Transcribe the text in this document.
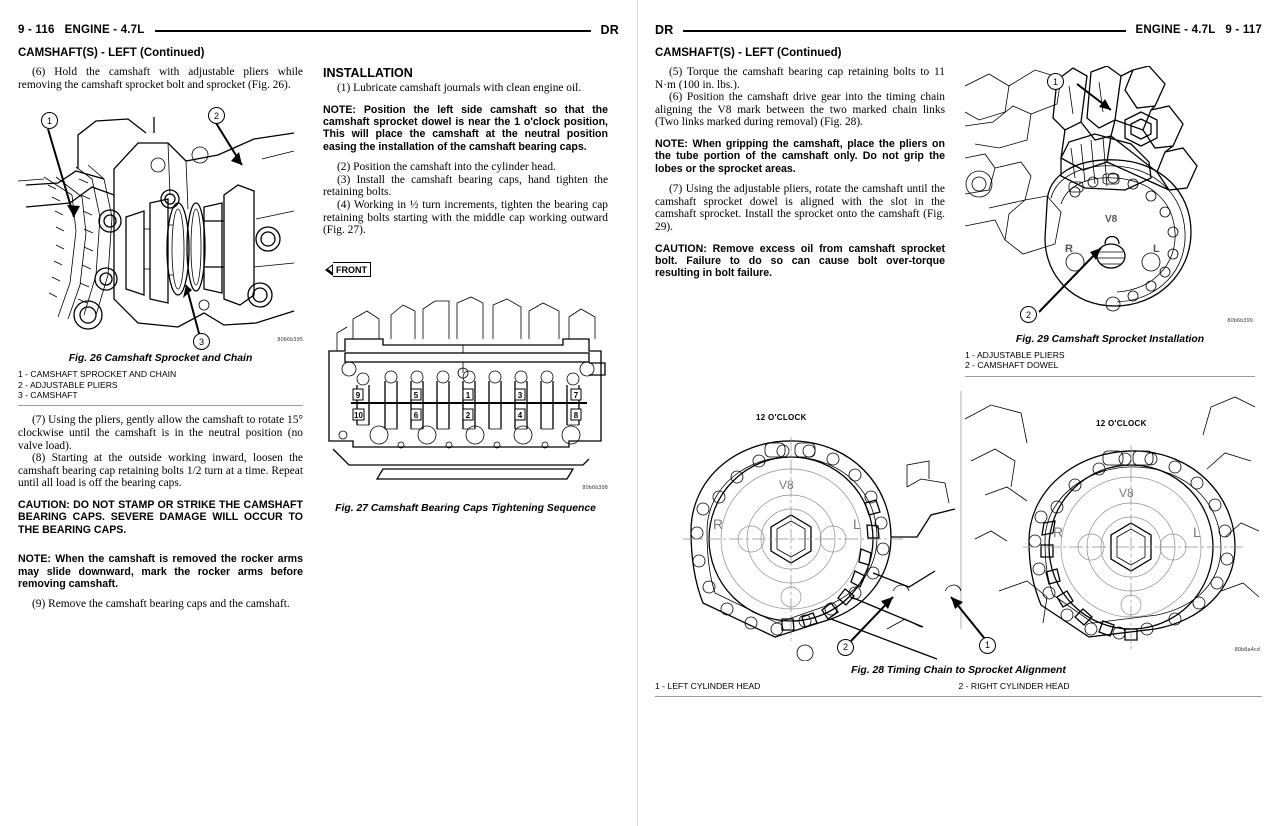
9 - 116 ENGINE - 4.7L	DR
CAMSHAFT(S) - LEFT (Continued)

(6) Hold the camshaft with adjustable pliers while removing the camshaft sprocket bolt and sprocket (Fig. 26).

1	2
3	80b6b395
Fig. 26 Camshaft Sprocket and Chain
1 - CAMSHAFT SPROCKET AND CHAIN
2 - ADJUSTABLE PLIERS
3 - CAMSHAFT

(7) Using the pliers, gently allow the camshaft to rotate 15° clockwise until the camshaft is in the neutral position (no valve load).

(8) Starting at the outside working inward, loosen the camshaft bearing cap retaining bolts 1/2 turn at a time. Repeat until all load is off the bearing caps.

CAUTION: DO NOT STAMP OR STRIKE THE CAMSHAFT BEARING CAPS. SEVERE DAMAGE WILL OCCUR TO THE BEARING CAPS.

NOTE: When the camshaft is removed the rocker arms may slide downward, mark the rocker arms before removing camshaft.

(9) Remove the camshaft bearing caps and the camshaft.

INSTALLATION

(1) Lubricate camshaft journals with clean engine oil.

NOTE: Position the left side camshaft so that the camshaft sprocket dowel is near the 1 o'clock position, This will place the camshaft at the neutral position easing the installation of the camshaft bearing caps.

(2) Position the camshaft into the cylinder head.

(3) Install the camshaft bearing caps, hand tighten the retaining bolts.

(4) Working in ½ turn increments, tighten the bearing cap retaining bolts starting with the middle cap working outward (Fig. 27).

FRONT
9
10
5
6
1
2
3
4
7
8
80b6b398
Fig. 27 Camshaft Bearing Caps Tightening Sequence
DR	ENGINE - 4.7L 9 - 117
CAMSHAFT(S) - LEFT (Continued)

(5) Torque the camshaft bearing cap retaining bolts to 11 N·m (100 in. lbs.).

(6) Position the camshaft drive gear into the timing chain aligning the V8 mark between the two marked chain links (Two links marked during removal) (Fig. 28).

NOTE: When gripping the camshaft, place the pliers on the tube portion of the camshaft only. Do not grip the lobes or the sprocket areas.

(7) Using the adjustable pliers, rotate the camshaft until the camshaft sprocket dowel is aligned with the slot in the camshaft sprocket. Install the sprocket onto the camshaft (Fig. 29).

CAUTION: Remove excess oil from camshaft sprocket bolt. Failure to do so can cause bolt over-torque resulting in bolt failure.

V8
R	L
1
2
80b6b399
Fig. 29 Camshaft Sprocket Installation
1 - ADJUSTABLE PLIERS
2 - CAMSHAFT DOWEL
V8
R	L
V8
R	L
12 O'CLOCK
12 O'CLOCK
2	1	80b8a4cd
Fig. 28 Timing Chain to Sprocket Alignment
1 - LEFT CYLINDER HEAD	2 - RIGHT CYLINDER HEAD
